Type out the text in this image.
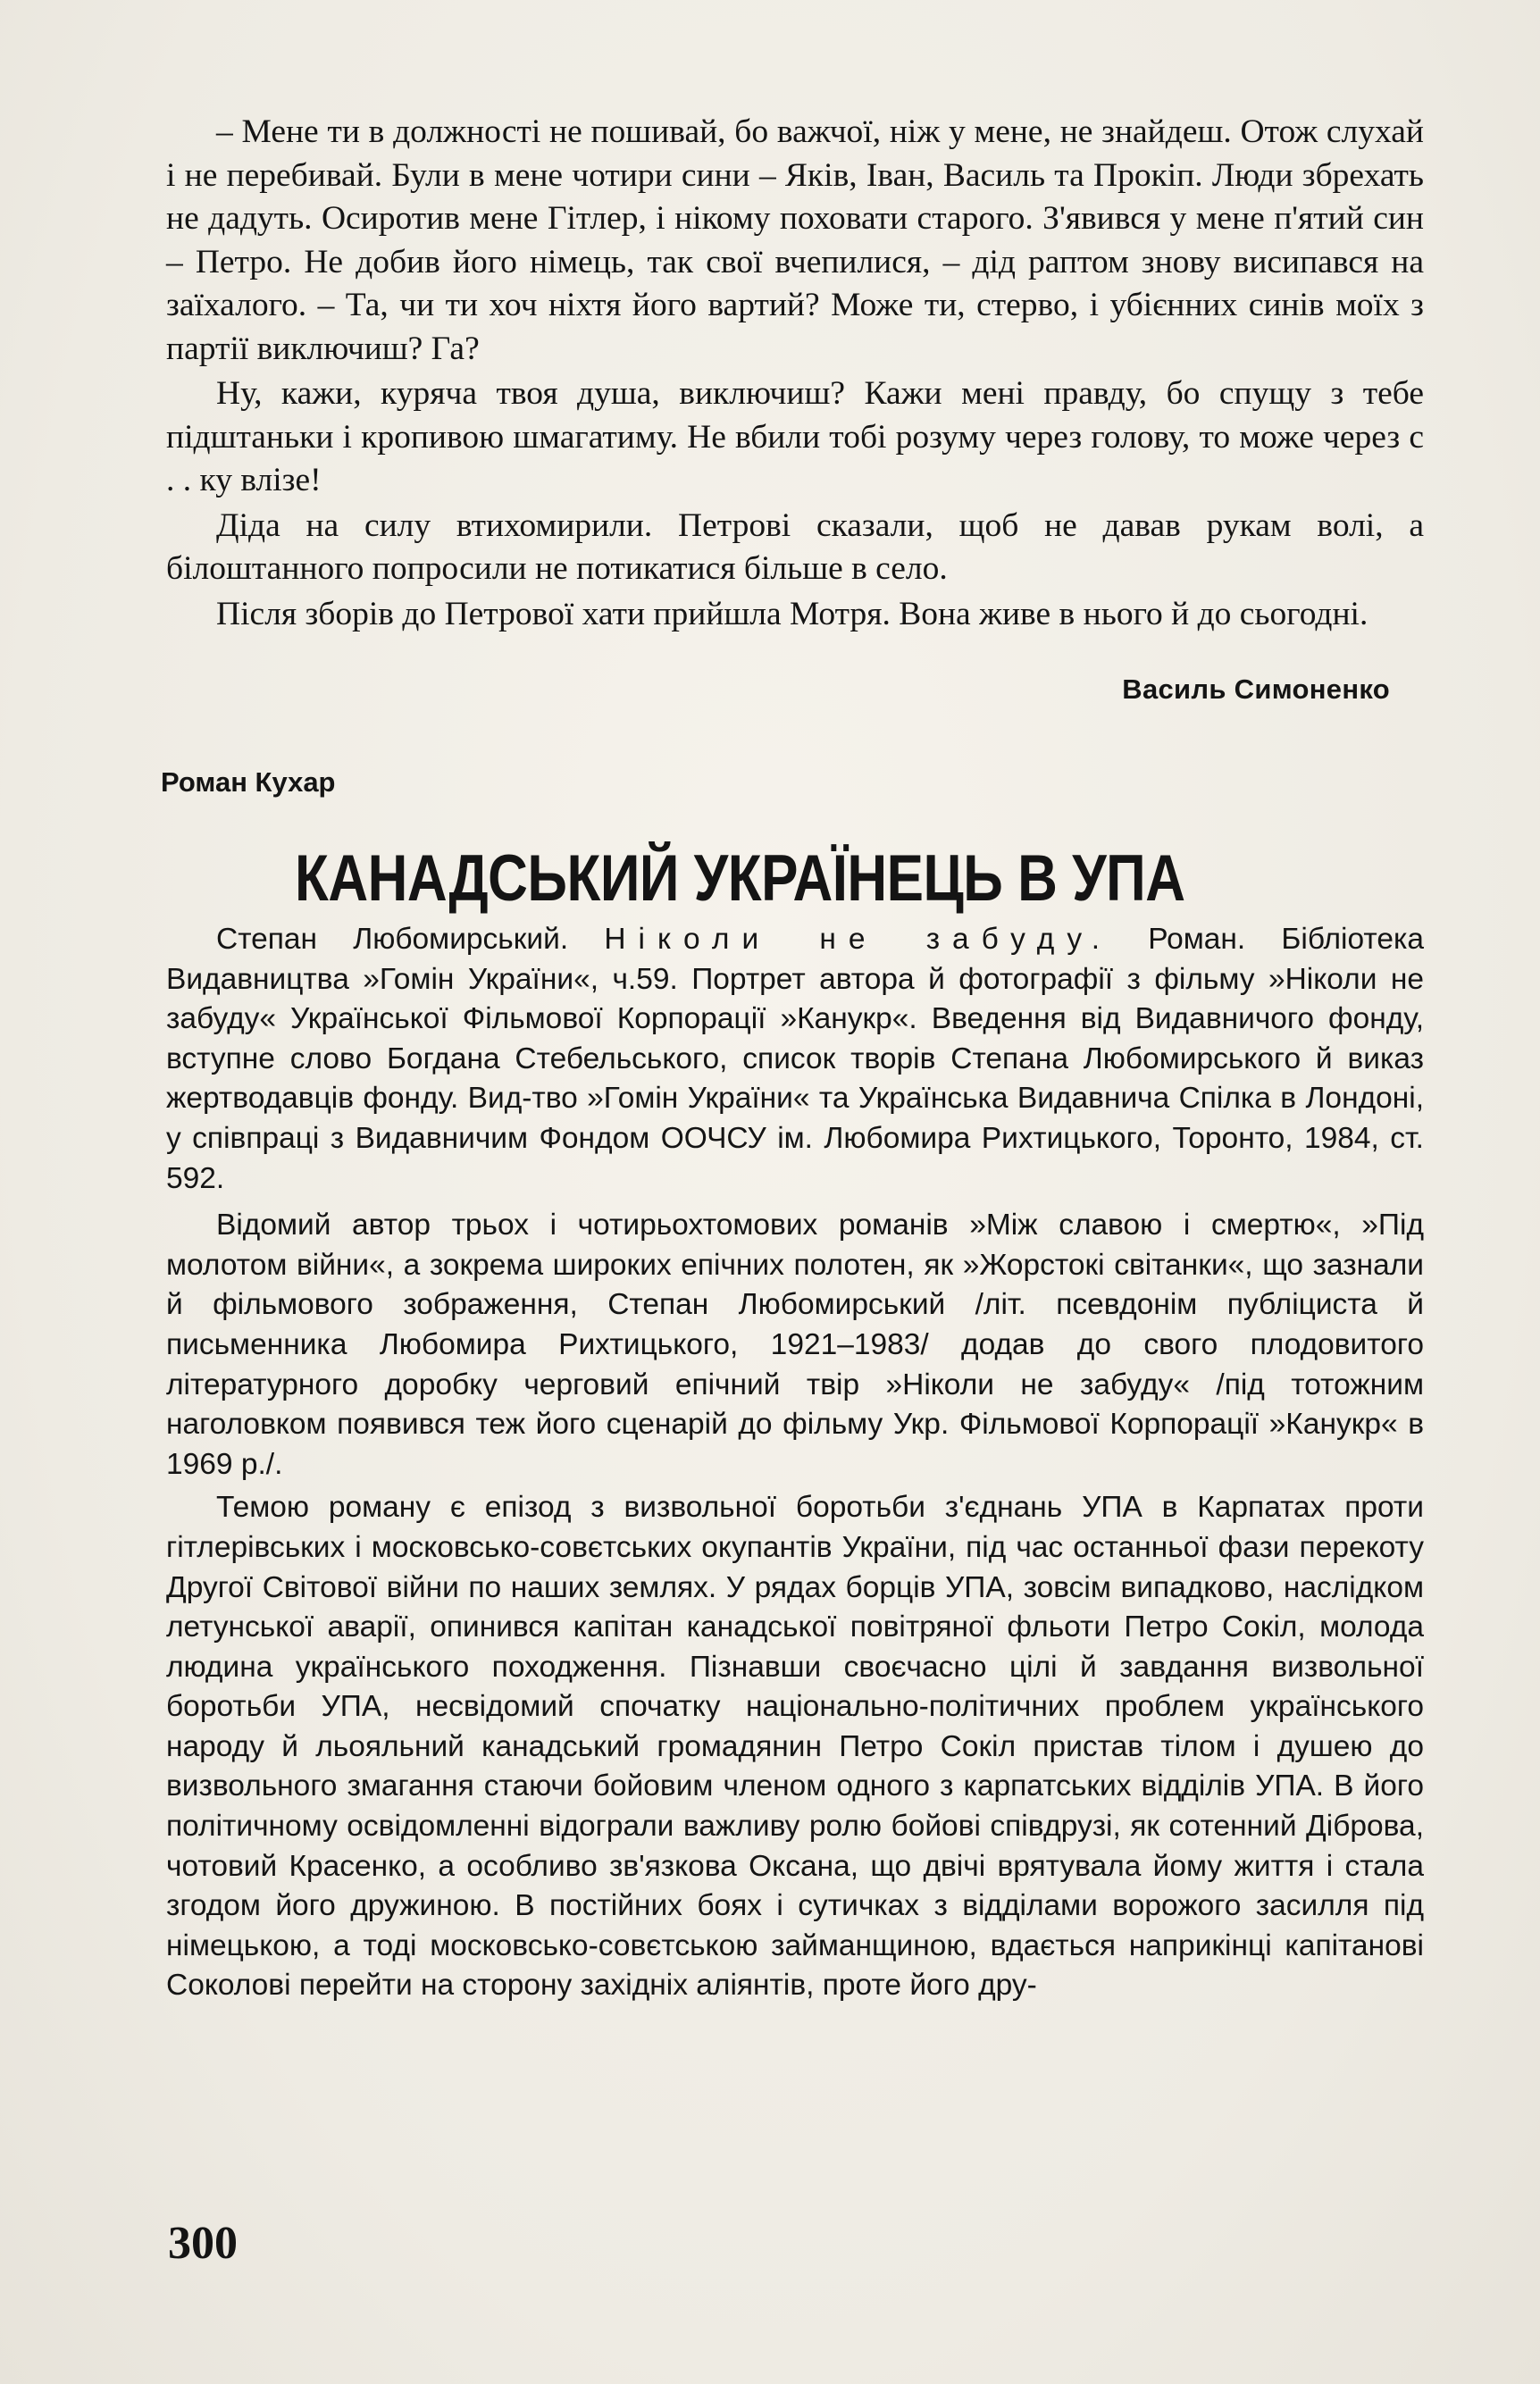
– Мене ти в должності не пошивай, бо важчої, ніж у мене, не знайдеш. Отож слухай і не перебивай. Були в мене чотири сини – Яків, Іван, Василь та Прокіп. Люди збрехать не дадуть. Осиротив мене Гітлер, і нікому поховати старого. З'явився у мене п'ятий син – Петро. Не добив його німець, так свої вчепилися, – дід раптом знову висипався на заїхалого. – Та, чи ти хоч ніхтя його вартий? Може ти, стерво, і убієнних синів моїх з партії виключиш? Га?

Ну, кажи, куряча твоя душа, виключиш? Кажи мені правду, бо спущу з тебе підштаньки і кропивою шмагатиму. Не вбили тобі розуму через голову, то може через с . . ку влізе!

Діда на силу втихомирили. Петрові сказали, щоб не давав рукам волі, а білоштанного попросили не потикатися більше в село.

Після зборів до Петрової хати прийшла Мотря. Вона живе в нього й до сьогодні.

Василь Симоненко
Роман Кухар
КАНАДСЬКИЙ УКРАЇНЕЦЬ В УПА

Степан Любомирський. Ніколи не забуду. Роман. Бібліотека Видавництва »Гомін України«, ч.59. Портрет автора й фотографії з фільму »Ніколи не забуду« Української Фільмової Корпорації »Канукр«. Введення від Видавничого фонду, вступне слово Богдана Стебельського, список творів Степана Любомирського й виказ жертводавців фонду. Вид-тво »Гомін України« та Українська Видавнича Спілка в Лондоні, у співпраці з Видавничим Фондом ООЧСУ ім. Любомира Рихтицького, Торонто, 1984, ст. 592.

Відомий автор трьох і чотирьохтомових романів »Між славою і смертю«, »Під молотом війни«, а зокрема широких епічних полотен, як »Жорстокі світанки«, що зазнали й фільмового зображення, Степан Любомирський /літ. псевдонім публіциста й письменника Любомира Рихтицького, 1921–1983/ додав до свого плодовитого літературного доробку черговий епічний твір »Ніколи не забуду« /під тотожним наголовком появився теж його сценарій до фільму Укр. Фільмової Корпорації »Канукр« в 1969 р./.

Темою роману є епізод з визвольної боротьби з'єднань УПА в Карпатах проти гітлерівських і московсько-совєтських окупантів України, під час останньої фази перекоту Другої Світової війни по наших землях. У рядах борців УПА, зовсім випадково, наслідком летунської аварії, опинився капітан канадської повітряної фльоти Петро Сокіл, молода людина українського походження. Пізнавши своєчасно цілі й завдання визвольної боротьби УПА, несвідомий спочатку національно-політичних проблем українського народу й льояльний канадський громадянин Петро Сокіл пристав тілом і душею до визвольного змагання стаючи бойовим членом одного з карпатських відділів УПА. В його політичному освідомленні відограли важливу ролю бойові співдрузі, як сотенний Діброва, чотовий Красенко, а особливо зв'язкова Оксана, що двічі врятувала йому життя і стала згодом його дружиною. В постійних боях і сутичках з відділами ворожого засилля під німецькою, а тоді московсько-совєтською займанщиною, вдається наприкінці капітанові Соколові перейти на сторону західніх аліянтів, проте його дру-

300
